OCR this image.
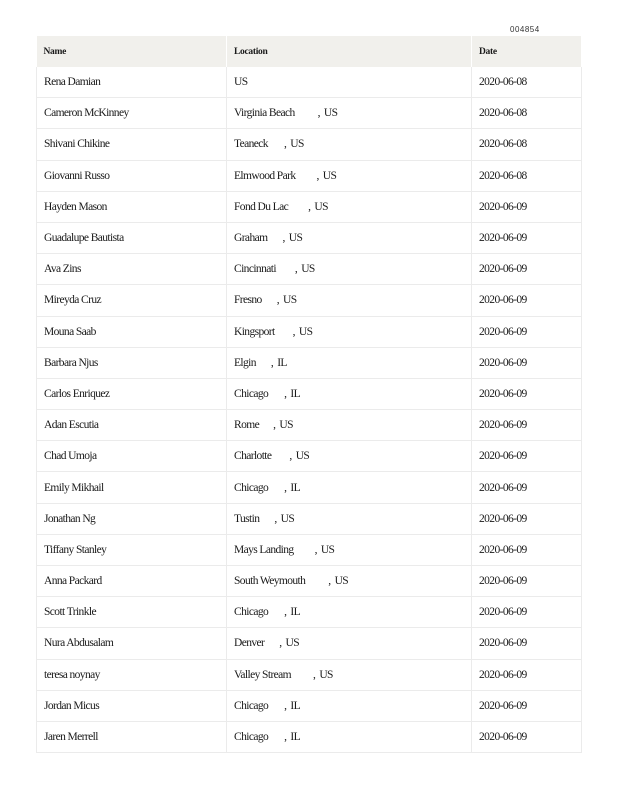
004854
Name	Location	Date
Rena Damian	US	2020-06-08
Cameron McKinney	Virginia Beach , US	2020-06-08
Shivani Chikine	Teaneck , US	2020-06-08
Giovanni Russo	Elmwood Park , US	2020-06-08
Hayden Mason	Fond Du Lac , US	2020-06-09
Guadalupe Bautista	Graham , US	2020-06-09
Ava Zins	Cincinnati , US	2020-06-09
Mireyda Cruz	Fresno , US	2020-06-09
Mouna Saab	Kingsport , US	2020-06-09
Barbara Njus	Elgin , IL	2020-06-09
Carlos Enriquez	Chicago , IL	2020-06-09
Adan Escutia	Rome , US	2020-06-09
Chad Umoja	Charlotte , US	2020-06-09
Emily Mikhail	Chicago , IL	2020-06-09
Jonathan Ng	Tustin , US	2020-06-09
Tiffany Stanley	Mays Landing , US	2020-06-09
Anna Packard	South Weymouth , US	2020-06-09
Scott Trinkle	Chicago , IL	2020-06-09
Nura Abdusalam	Denver , US	2020-06-09
teresa noynay	Valley Stream , US	2020-06-09
Jordan Micus	Chicago , IL	2020-06-09
Jaren Merrell	Chicago , IL	2020-06-09
